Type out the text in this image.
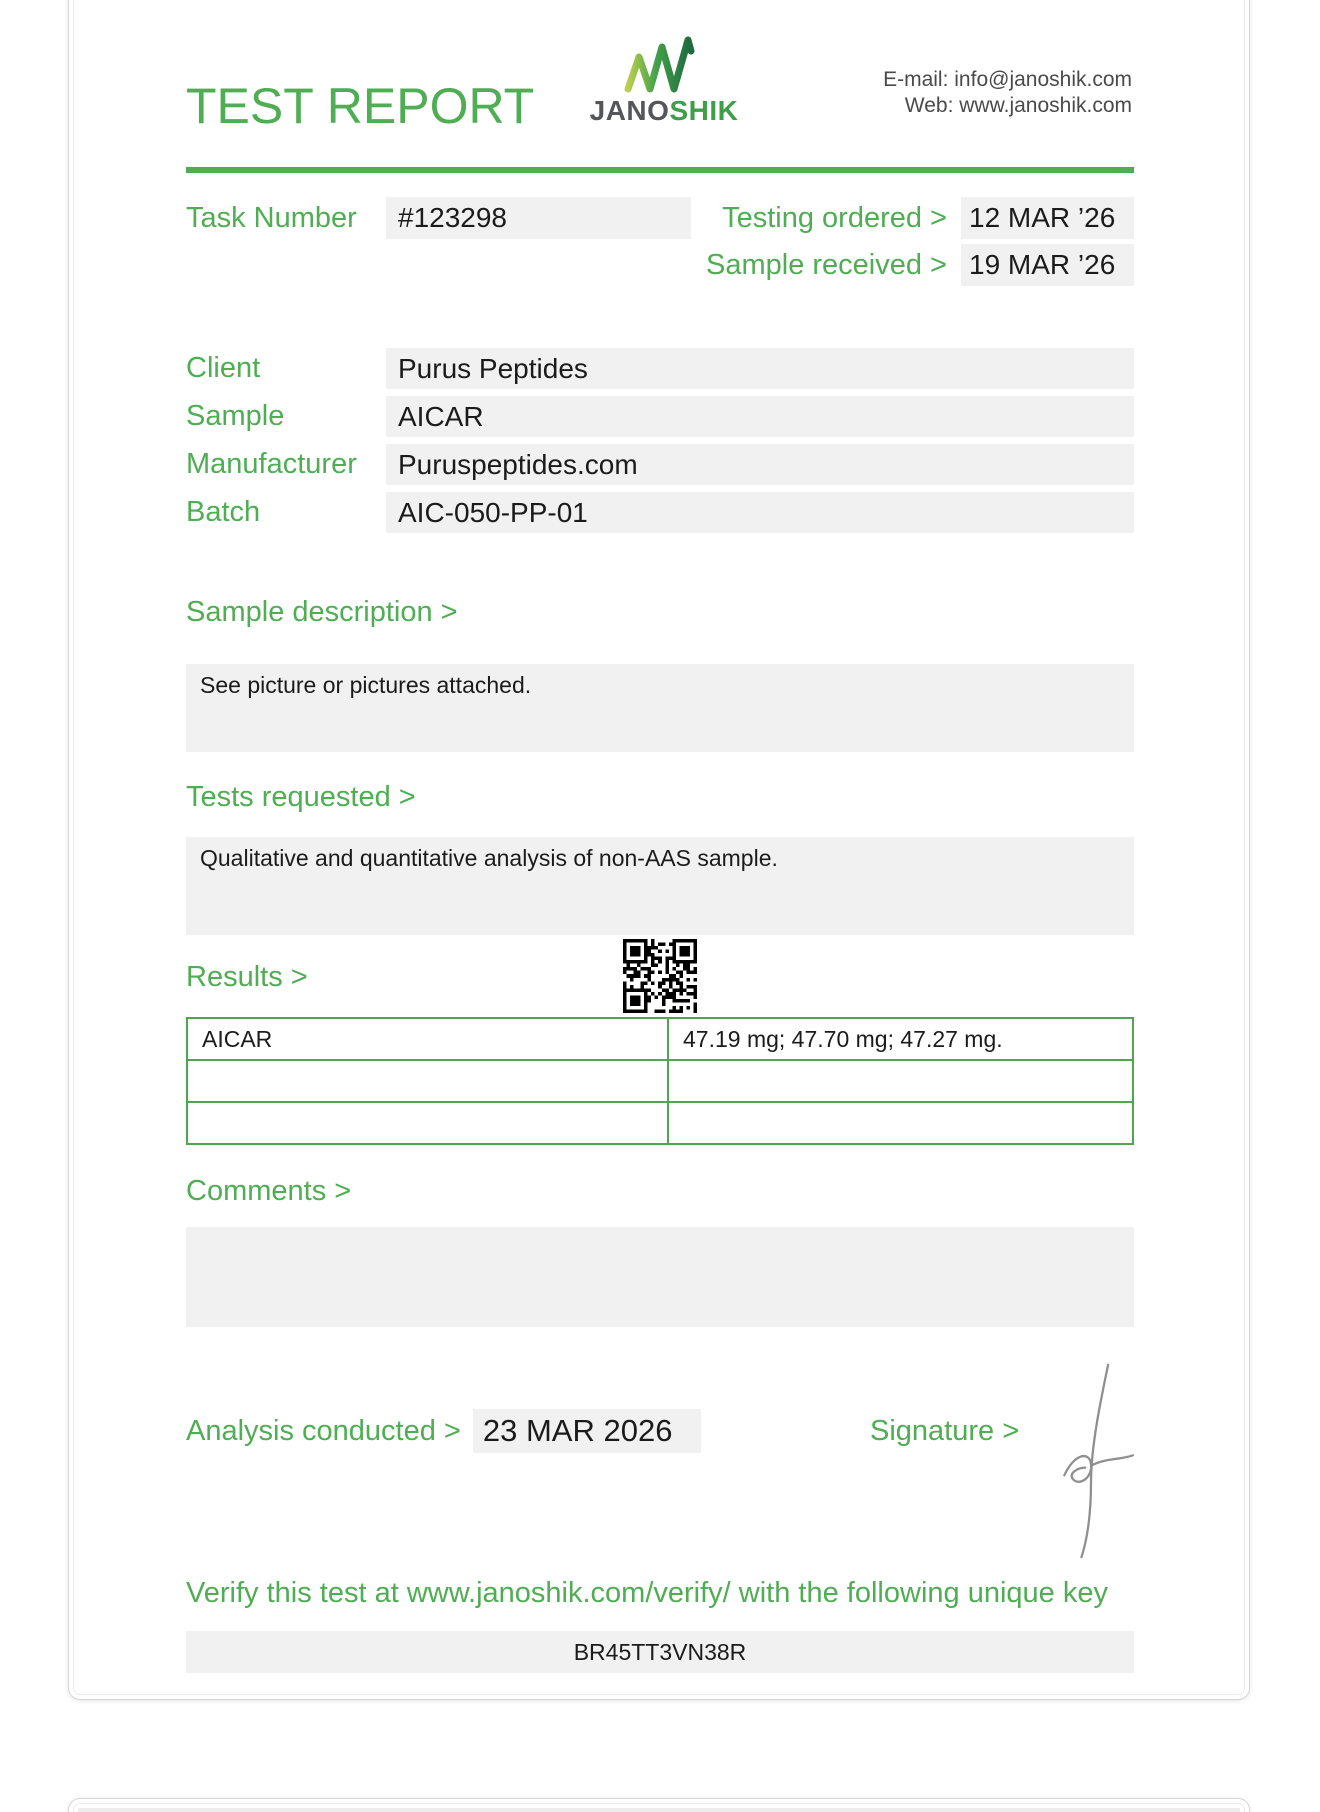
TEST REPORT JANOSHIK
E-mail: info@janoshik.com
Web: www.janoshik.com
Task Number	#123298	Testing ordered > 12 MAR ’26
Sample received > 19 MAR ’26
Client	Purus Peptides
Sample	AICAR
Manufacturer	Puruspeptides.com
Batch	AIC-050-PP-01
Sample description >
See picture or pictures attached.
Tests requested >
Qualitative and quantitative analysis of non-AAS sample.
Results >
AICAR	47.19 mg; 47.70 mg; 47.27 mg.

Comments >
Analysis conducted > 23 MAR 2026	Signature >
Verify this test at www.janoshik.com/verify/ with the following unique key
BR45TT3VN38R
